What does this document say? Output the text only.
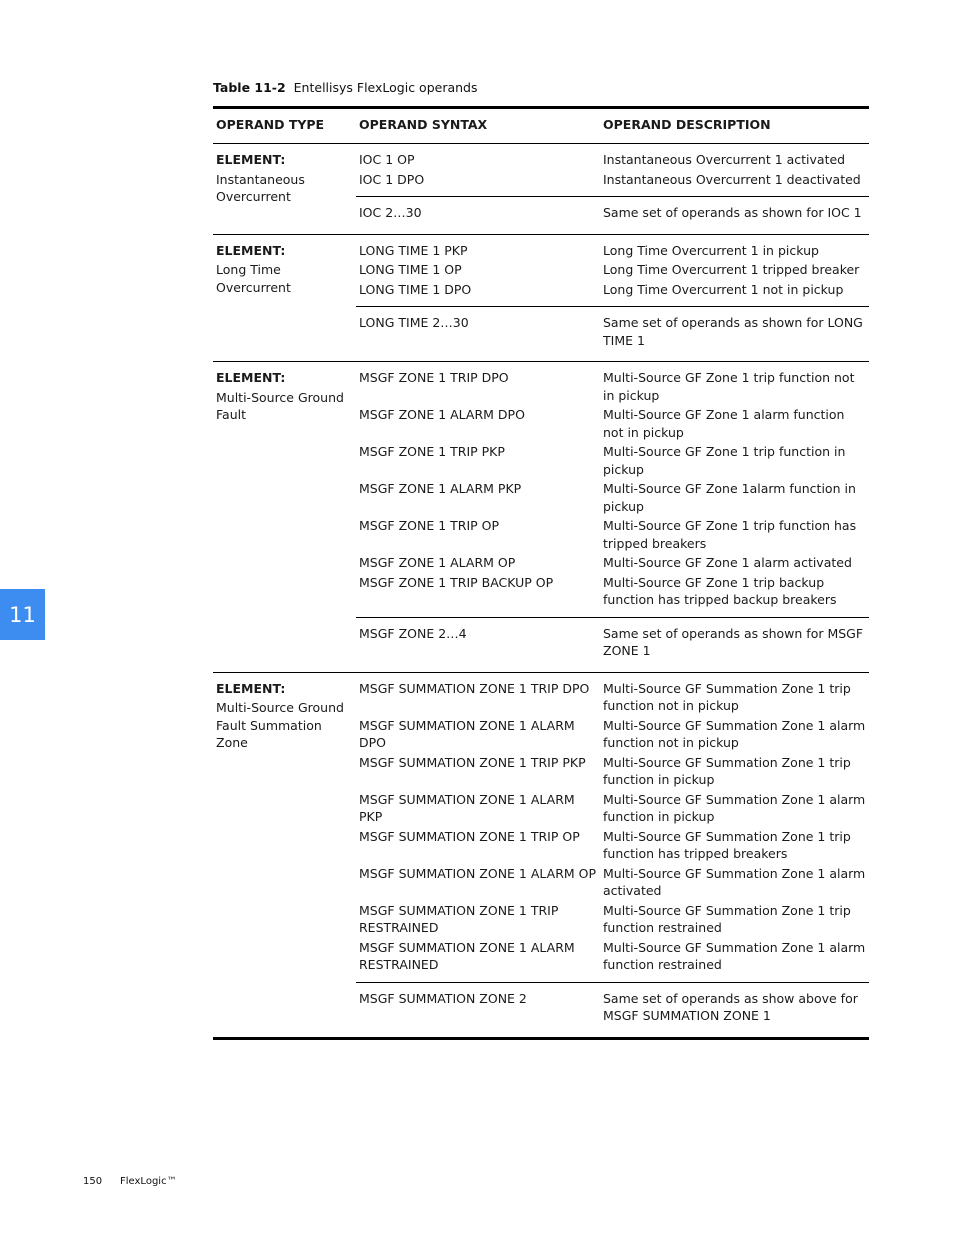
Table 11-2 Entellisys FlexLogic operands
OPERAND TYPE	OPERAND SYNTAX	OPERAND DESCRIPTION

ELEMENT:
Instantaneous Overcurrent	IOC 1 OP	Instantaneous Overcurrent 1 activated
	IOC 1 DPO	Instantaneous Overcurrent 1 deactivated
	IOC 2…30	Same set of operands as shown for IOC 1

ELEMENT:
Long Time Overcurrent	LONG TIME 1 PKP	Long Time Overcurrent 1 in pickup
	LONG TIME 1 OP	Long Time Overcurrent 1 tripped breaker
	LONG TIME 1 DPO	Long Time Overcurrent 1 not in pickup
	LONG TIME 2…30	Same set of operands as shown for LONG TIME 1

ELEMENT:
Multi-Source Ground Fault	MSGF ZONE 1 TRIP DPO	Multi-Source GF Zone 1 trip function not in pickup
	MSGF ZONE 1 ALARM DPO	Multi-Source GF Zone 1 alarm function not in pickup
	MSGF ZONE 1 TRIP PKP	Multi-Source GF Zone 1 trip function in pickup
	MSGF ZONE 1 ALARM PKP	Multi-Source GF Zone 1alarm function in pickup
	MSGF ZONE 1 TRIP OP	Multi-Source GF Zone 1 trip function has tripped breakers
	MSGF ZONE 1 ALARM OP	Multi-Source GF Zone 1 alarm activated
	MSGF ZONE 1 TRIP BACKUP OP	Multi-Source GF Zone 1 trip backup function has tripped backup breakers
	MSGF ZONE 2…4	Same set of operands as shown for MSGF ZONE 1

ELEMENT:
Multi-Source Ground Fault Summation Zone	MSGF SUMMATION ZONE 1 TRIP DPO	Multi-Source GF Summation Zone 1 trip function not in pickup
	MSGF SUMMATION ZONE 1 ALARM DPO	Multi-Source GF Summation Zone 1 alarm function not in pickup
	MSGF SUMMATION ZONE 1 TRIP PKP	Multi-Source GF Summation Zone 1 trip function in pickup
	MSGF SUMMATION ZONE 1 ALARM PKP	Multi-Source GF Summation Zone 1 alarm function in pickup
	MSGF SUMMATION ZONE 1 TRIP OP	Multi-Source GF Summation Zone 1 trip function has tripped breakers
	MSGF SUMMATION ZONE 1 ALARM OP	Multi-Source GF Summation Zone 1 alarm activated
	MSGF SUMMATION ZONE 1 TRIP RESTRAINED	Multi-Source GF Summation Zone 1 trip function restrained
	MSGF SUMMATION ZONE 1 ALARM RESTRAINED	Multi-Source GF Summation Zone 1 alarm function restrained
	MSGF SUMMATION ZONE 2	Same set of operands as show above for MSGF SUMMATION ZONE 1
11
150 FlexLogic™
